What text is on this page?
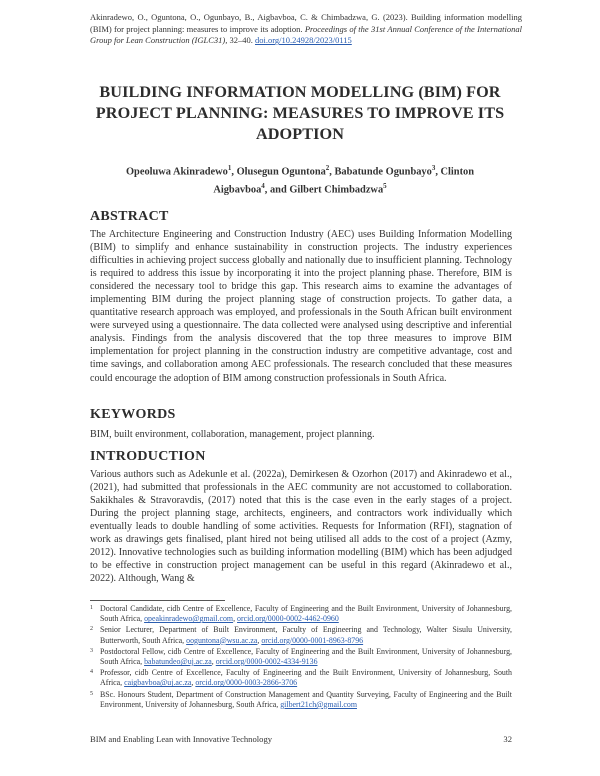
Akinradewo, O., Oguntona, O., Ogunbayo, B., Aigbavboa, C. & Chimbadzwa, G. (2023). Building information modelling (BIM) for project planning: measures to improve its adoption. Proceedings of the 31st Annual Conference of the International Group for Lean Construction (IGLC31), 32–40. doi.org/10.24928/2023/0115
BUILDING INFORMATION MODELLING (BIM) FOR PROJECT PLANNING: MEASURES TO IMPROVE ITS ADOPTION
Opeoluwa Akinradewo$^1$, Olusegun Oguntona$^2$, Babatunde Ogunbayo$^3$, Clinton Aigbavboa$^4$, and Gilbert Chimbadzwa$^5$
ABSTRACT
The Architecture Engineering and Construction Industry (AEC) uses Building Information Modelling (BIM) to simplify and enhance sustainability in construction projects. The industry experiences difficulties in achieving project success globally and nationally due to insufficient planning. Technology is required to address this issue by incorporating it into the project planning phase. Therefore, BIM is considered the necessary tool to bridge this gap. This research aims to examine the advantages of implementing BIM during the project planning stage of construction projects. To gather data, a quantitative research approach was employed, and professionals in the South African built environment were surveyed using a questionnaire. The data collected were analysed using descriptive and inferential analysis. Findings from the analysis discovered that the top three measures to improve BIM implementation for project planning in the construction industry are competitive advantage, cost and time savings, and collaboration among AEC professionals. The research concluded that these measures could encourage the adoption of BIM among construction professionals in South Africa.
KEYWORDS
BIM, built environment, collaboration, management, project planning.
INTRODUCTION
Various authors such as Adekunle et al. (2022a), Demirkesen & Ozorhon (2017) and Akinradewo et al., (2021), had submitted that professionals in the AEC community are not accustomed to collaboration. Sakikhales & Stravoravdis, (2017) noted that this is the case even in the early stages of a project. During the project planning stage, architects, engineers, and contractors work individually which eventually leads to double handling of some activities. Requests for Information (RFI), stagnation of work as drawings gets finalised, plant hired not being utilised all adds to the cost of a project (Azmy, 2012). Innovative technologies such as building information modelling (BIM) which has been adjudged to be effective in construction project management can be useful in this regard (Akinradewo et al., 2022). Although, Wang &
1 Doctoral Candidate, cidb Centre of Excellence, Faculty of Engineering and the Built Environment, University of Johannesburg, South Africa, opeakinradewo@gmail.com, orcid.org/0000-0002-4462-0960
2 Senior Lecturer, Department of Built Environment, Faculty of Engineering and Technology, Walter Sisulu University, Butterworth, South Africa, ooguntona@wsu.ac.za, orcid.org/0000-0001-8963-8796
3 Postdoctoral Fellow, cidb Centre of Excellence, Faculty of Engineering and the Built Environment, University of Johannesburg, South Africa, babatundeo@uj.ac.za, orcid.org/0000-0002-4334-9136
4 Professor, cidb Centre of Excellence, Faculty of Engineering and the Built Environment, University of Johannesburg, South Africa, caigbavboa@uj.ac.za, orcid.org/0000-0003-2866-3706
5 BSc. Honours Student, Department of Construction Management and Quantity Surveying, Faculty of Engineering and the Built Environment, University of Johannesburg, South Africa, gilbert21ch@gmail.com
BIM and Enabling Lean with Innovative Technology	32
